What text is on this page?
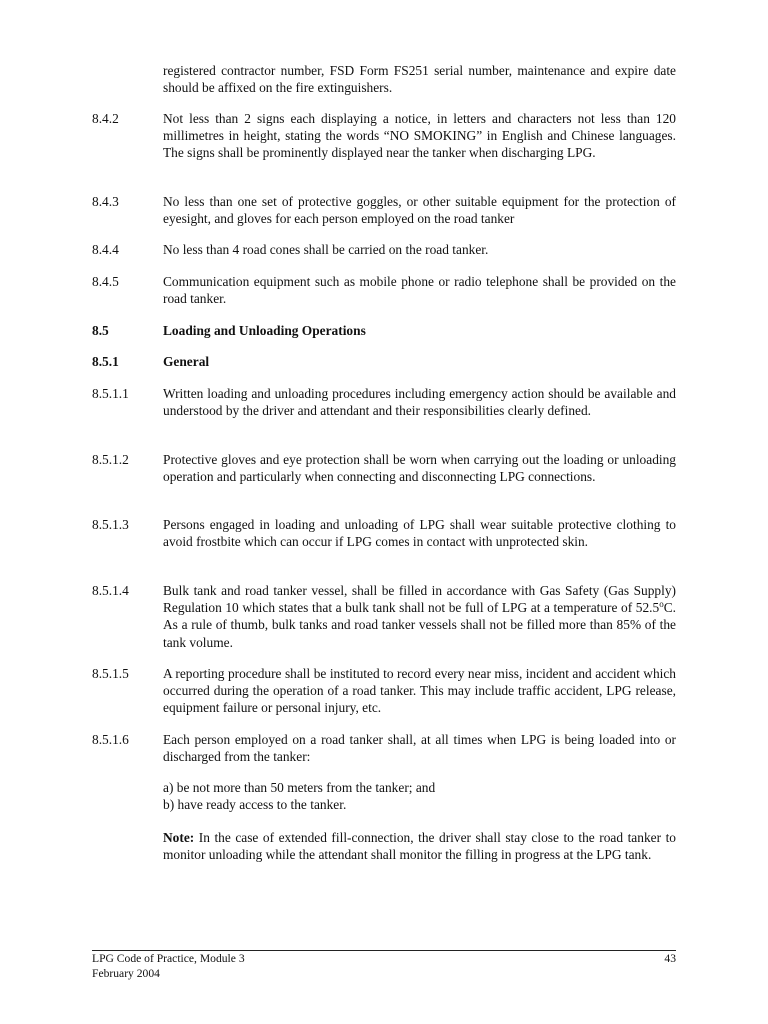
registered contractor number, FSD Form FS251 serial number, maintenance and expire date should be affixed on the fire extinguishers.
8.4.2	Not less than 2 signs each displaying a notice, in letters and characters not less than 120 millimetres in height, stating the words “NO SMOKING” in English and Chinese languages. The signs shall be prominently displayed near the tanker when discharging LPG.
8.4.3	No less than one set of protective goggles, or other suitable equipment for the protection of eyesight, and gloves for each person employed on the road tanker
8.4.4	No less than 4 road cones shall be carried on the road tanker.
8.4.5	Communication equipment such as mobile phone or radio telephone shall be provided on the road tanker.
8.5	Loading and Unloading Operations
8.5.1	General
8.5.1.1	Written loading and unloading procedures including emergency action should be available and understood by the driver and attendant and their responsibilities clearly defined.
8.5.1.2	Protective gloves and eye protection shall be worn when carrying out the loading or unloading operation and particularly when connecting and disconnecting LPG connections.
8.5.1.3	Persons engaged in loading and unloading of LPG shall wear suitable protective clothing to avoid frostbite which can occur if LPG comes in contact with unprotected skin.
8.5.1.4	Bulk tank and road tanker vessel, shall be filled in accordance with Gas Safety (Gas Supply) Regulation 10 which states that a bulk tank shall not be full of LPG at a temperature of 52.5$^o$C. As a rule of thumb, bulk tanks and road tanker vessels shall not be filled more than 85% of the tank volume.
8.5.1.5	A reporting procedure shall be instituted to record every near miss, incident and accident which occurred during the operation of a road tanker. This may include traffic accident, LPG release, equipment failure or personal injury, etc.
8.5.1.6	Each person employed on a road tanker shall, at all times when LPG is being loaded into or discharged from the tanker:
a) be not more than 50 meters from the tanker; and
b) have ready access to the tanker.
Note: In the case of extended fill-connection, the driver shall stay close to the road tanker to monitor unloading while the attendant shall monitor the filling in progress at the LPG tank.
LPG Code of Practice, Module 3
February 2004
43
